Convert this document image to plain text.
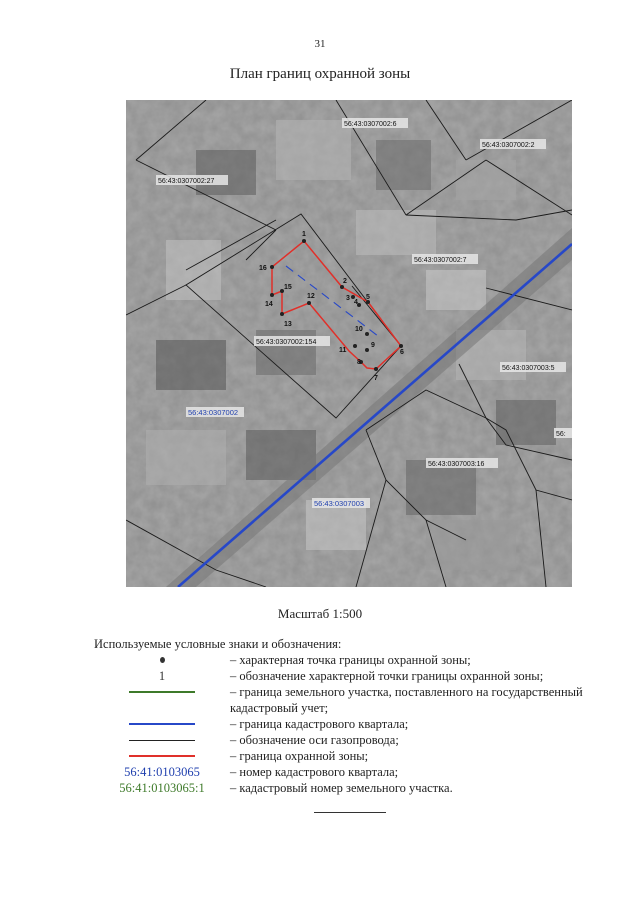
31
План границ охранной зоны
1
2
3
4
5
6
7
8
9
10
11
12
13
14
15
16
56:43:0307002:6
56:43:0307002:2
56:43:0307002:27
56:43:0307002:7
56:43:0307002:154
56:43:0307003:5
56:43:0307003:16
56:
56:43:0307002
56:43:0307003
Масштаб 1:500
Используемые условные знаки и обозначения:
– характерная точка границы охранной зоны;
1	– обозначение характерной точки границы охранной зоны;
– граница земельного участка, поставленного на государственный кадастровый учет;
– граница кадастрового квартала;
– обозначение оси газопровода;
– граница охранной зоны;
56:41:0103065 – номер кадастрового квартала;
56:41:0103065:1 – кадастровый номер земельного участка.
